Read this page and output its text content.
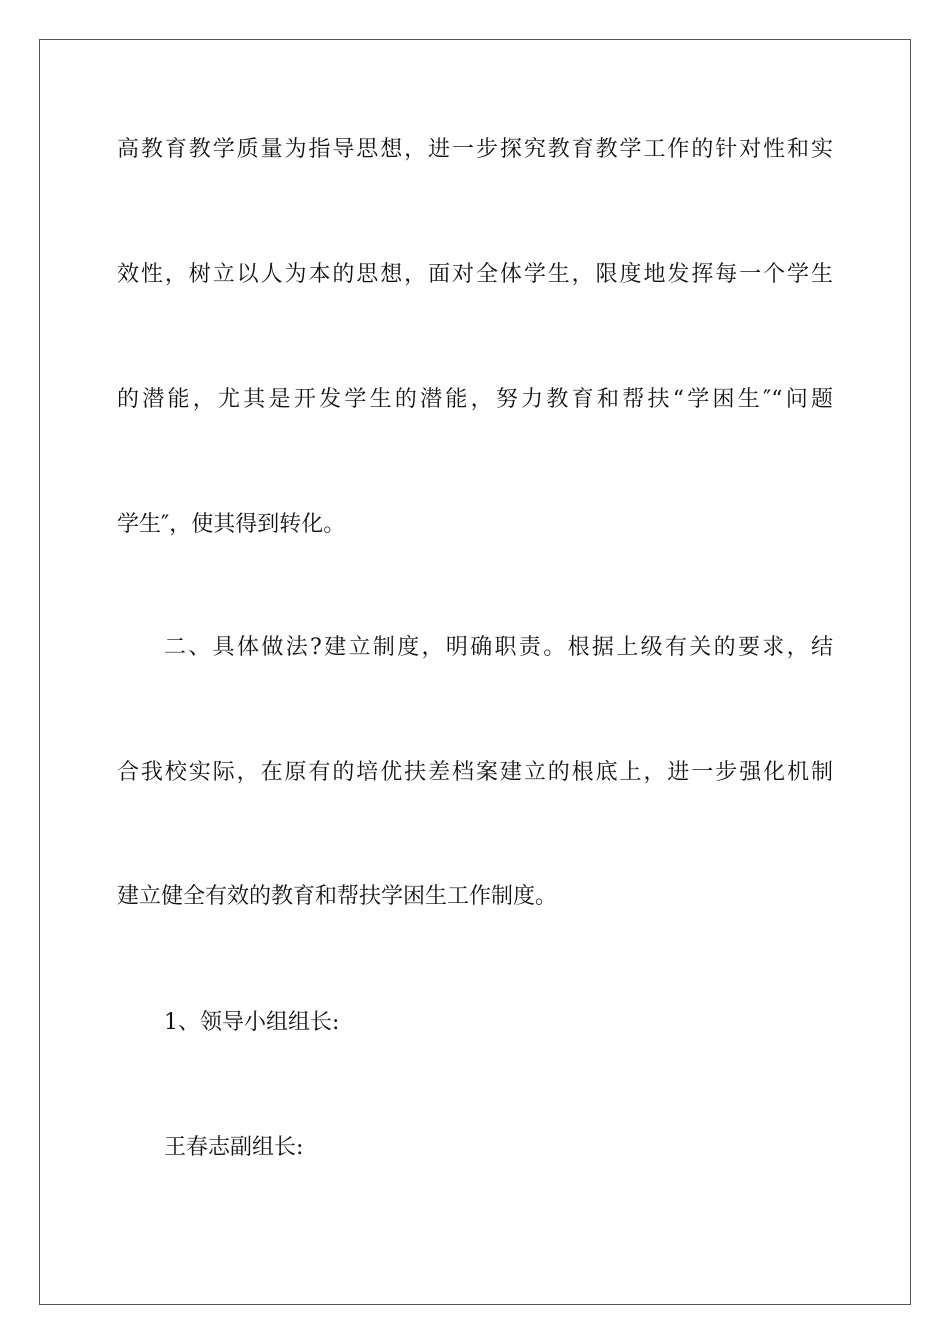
高教育教学质量为指导思想，进一步探究教育教学工作的针对性和实
效性，树立以人为本的思想，面对全体学生，限度地发挥每一个学生
的潜能，尤其是开发学生的潜能，努力教育和帮扶“学困生″“问题
学生″，使其得到转化。
二、具体做法?建立制度，明确职责。根据上级有关的要求，结
合我校实际，在原有的培优扶差档案建立的根底上，进一步强化机制
建立健全有效的教育和帮扶学困生工作制度。
1、领导小组组长:
王春志副组长:
